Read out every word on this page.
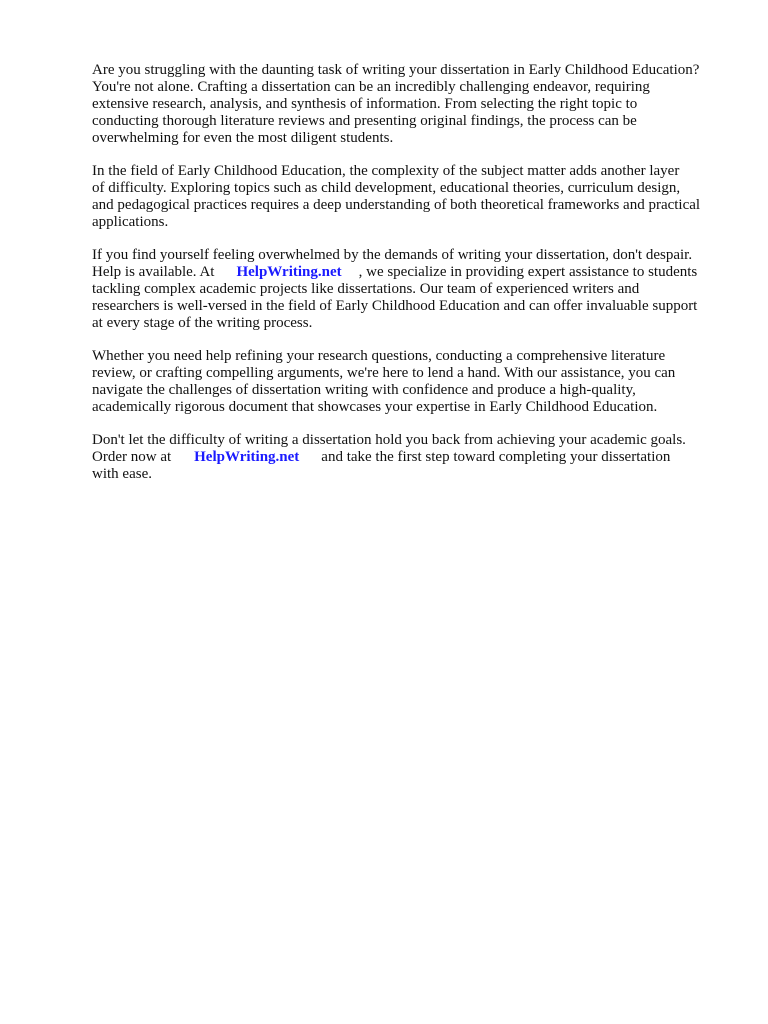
Are you struggling with the daunting task of writing your dissertation in Early Childhood Education?
You're not alone. Crafting a dissertation can be an incredibly challenging endeavor, requiring
extensive research, analysis, and synthesis of information. From selecting the right topic to
conducting thorough literature reviews and presenting original findings, the process can be
overwhelming for even the most diligent students.

In the field of Early Childhood Education, the complexity of the subject matter adds another layer
of difficulty. Exploring topics such as child development, educational theories, curriculum design,
and pedagogical practices requires a deep understanding of both theoretical frameworks and practical
applications.

If you find yourself feeling overwhelmed by the demands of writing your dissertation, don't despair.
Help is available. At HelpWriting.net , we specialize in providing expert assistance to students
tackling complex academic projects like dissertations. Our team of experienced writers and
researchers is well-versed in the field of Early Childhood Education and can offer invaluable support
at every stage of the writing process.

Whether you need help refining your research questions, conducting a comprehensive literature
review, or crafting compelling arguments, we're here to lend a hand. With our assistance, you can
navigate the challenges of dissertation writing with confidence and produce a high-quality,
academically rigorous document that showcases your expertise in Early Childhood Education.

Don't let the difficulty of writing a dissertation hold you back from achieving your academic goals.
Order now at HelpWriting.net and take the first step toward completing your dissertation
with ease.
